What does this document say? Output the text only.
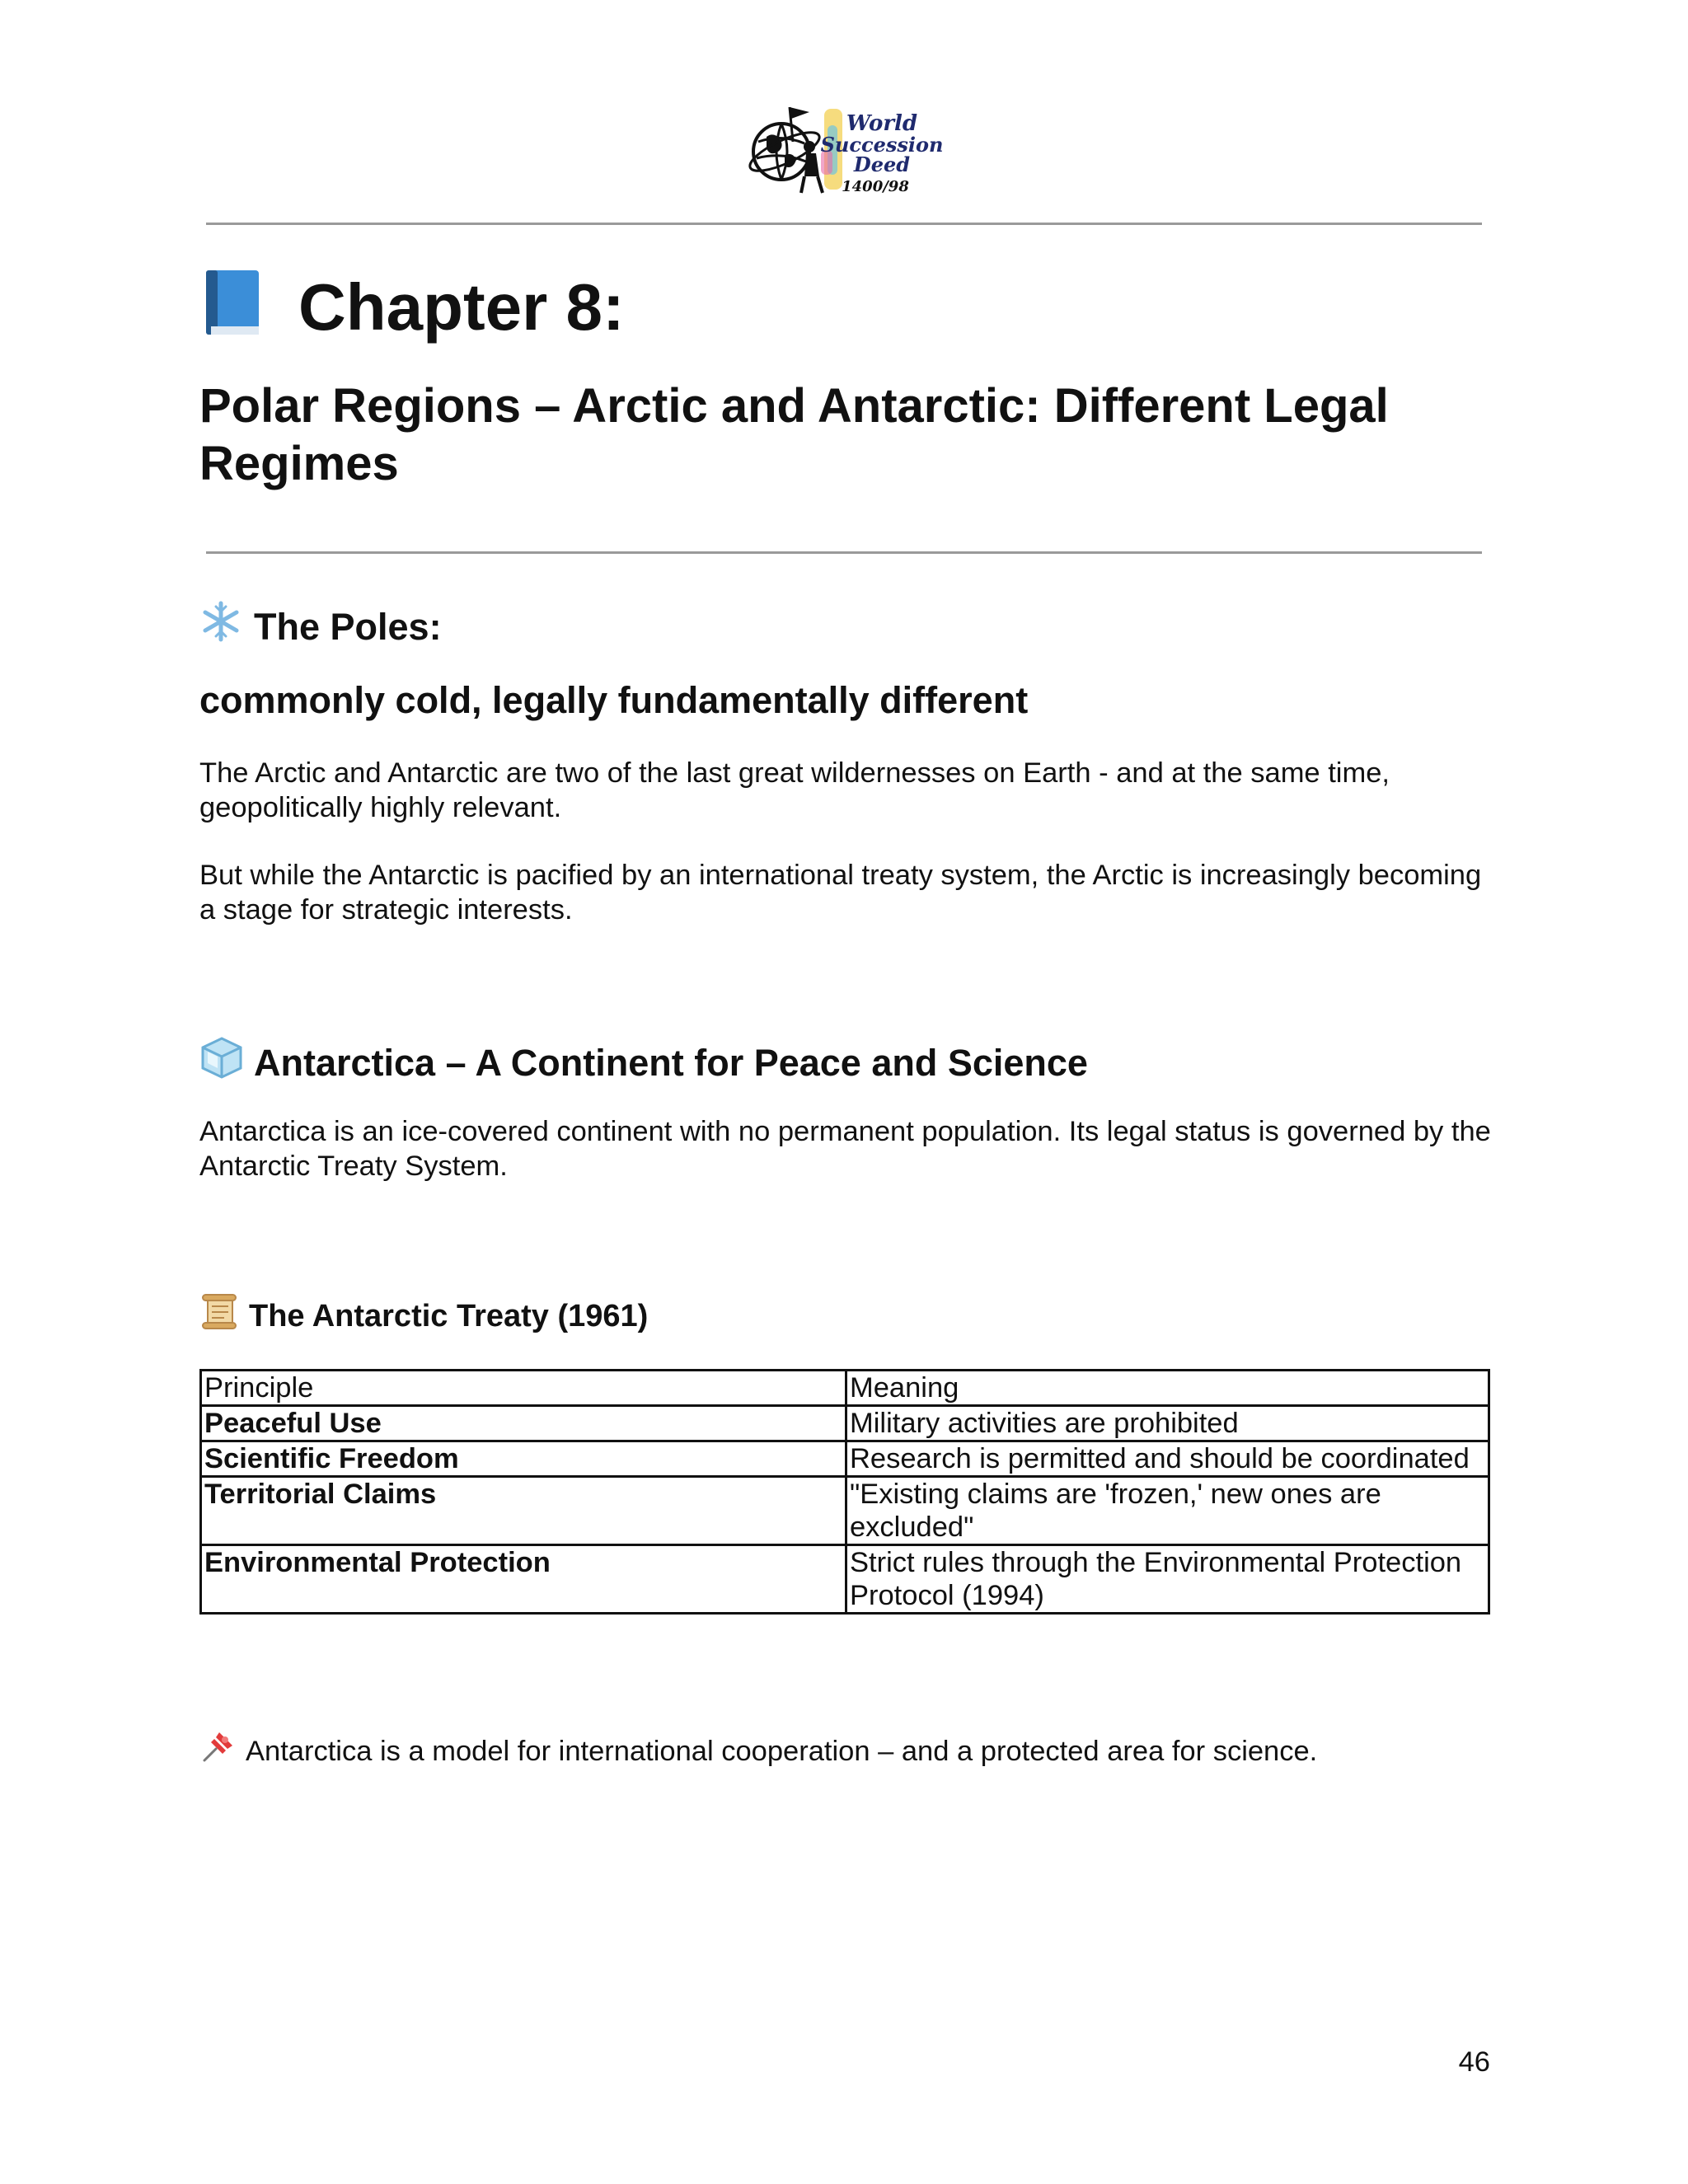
World
Succession
Deed
1400/98
Chapter 8:
Polar Regions – Arctic and Antarctic: Different Legal Regimes
The Poles:
commonly cold, legally fundamentally different
The Arctic and Antarctic are two of the last great wildernesses on Earth - and at the same time, geopolitically highly relevant.
But while the Antarctic is pacified by an international treaty system, the Arctic is increasingly becoming a stage for strategic interests.
Antarctica – A Continent for Peace and Science
Antarctica is an ice-covered continent with no permanent population. Its legal status is governed by the Antarctic Treaty System.
The Antarctic Treaty (1961)
Principle	Meaning
Peaceful Use	Military activities are prohibited
Scientific Freedom	Research is permitted and should be coordinated
Territorial Claims	"Existing claims are 'frozen,' new ones are excluded"
Environmental Protection	Strict rules through the Environmental Protection Protocol (1994)
Antarctica is a model for international cooperation – and a protected area for science.
46
